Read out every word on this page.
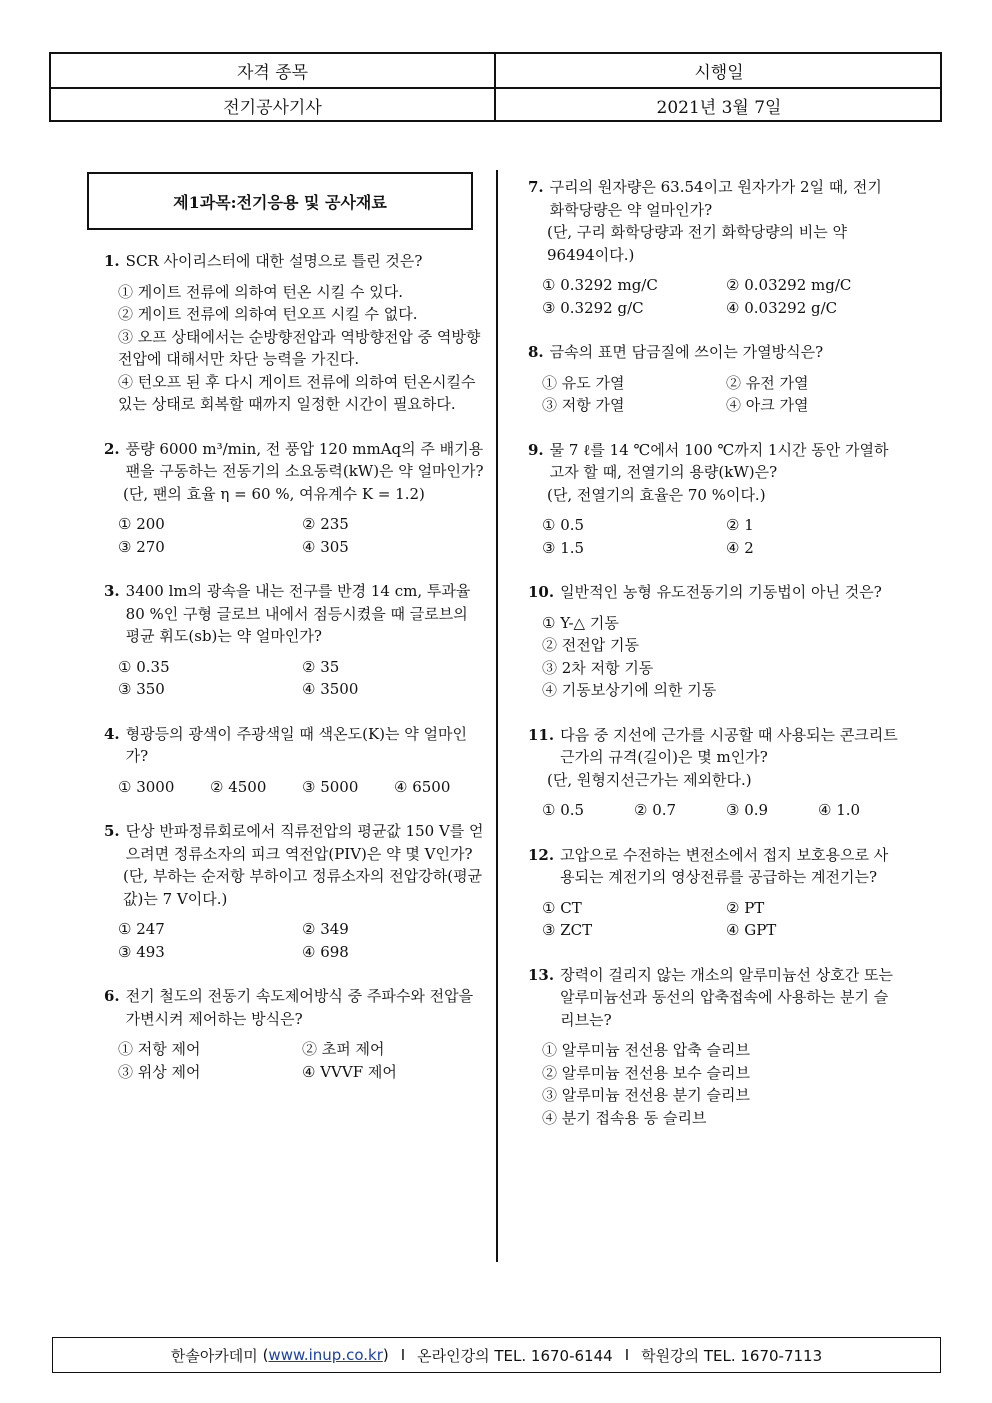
자격 종목	시행일
전기공사기사	2021년 3월 7일
제1과목:전기응용 및 공사재료
1. SCR 사이리스터에 대한 설명으로 틀린 것은?
① 게이트 전류에 의하여 턴온 시킬 수 있다.
② 게이트 전류에 의하여 턴오프 시킬 수 없다.
③ 오프 상태에서는 순방향전압과 역방향전압 중 역방향 전압에 대해서만 차단 능력을 가진다.
④ 턴오프 된 후 다시 게이트 전류에 의하여 턴온시킬수 있는 상태로 회복할 때까지 일정한 시간이 필요하다.
2. 풍량 6000 m³/min, 전 풍압 120 mmAq의 주 배기용 팬을 구동하는 전동기의 소요동력(kW)은 약 얼마인가?
(단, 팬의 효율 η = 60 %, 여유계수 K = 1.2)
① 200	② 235
③ 270	④ 305
3. 3400 lm의 광속을 내는 전구를 반경 14 cm, 투과율 80 %인 구형 글로브 내에서 점등시켰을 때 글로브의 평균 휘도(sb)는 약 얼마인가?
① 0.35	② 35
③ 350	④ 3500
4. 형광등의 광색이 주광색일 때 색온도(K)는 약 얼마인가?
① 3000	② 4500	③ 5000	④ 6500
5. 단상 반파정류회로에서 직류전압의 평균값 150 V를 얻으려면 정류소자의 피크 역전압(PIV)은 약 몇 V인가?
(단, 부하는 순저항 부하이고 정류소자의 전압강하(평균값)는 7 V이다.)
① 247	② 349
③ 493	④ 698
6. 전기 철도의 전동기 속도제어방식 중 주파수와 전압을 가변시켜 제어하는 방식은?
① 저항 제어	② 초퍼 제어
③ 위상 제어	④ VVVF 제어
7. 구리의 원자량은 63.54이고 원자가가 2일 때, 전기 화학당량은 약 얼마인가?
(단, 구리 화학당량과 전기 화학당량의 비는 약 96494이다.)
① 0.3292 mg/C	② 0.03292 mg/C
③ 0.3292 g/C	④ 0.03292 g/C
8. 금속의 표면 담금질에 쓰이는 가열방식은?
① 유도 가열	② 유전 가열
③ 저항 가열	④ 아크 가열
9. 물 7 ℓ를 14 ℃에서 100 ℃까지 1시간 동안 가열하고자 할 때, 전열기의 용량(kW)은?
(단, 전열기의 효율은 70 %이다.)
① 0.5	② 1
③ 1.5	④ 2
10. 일반적인 농형 유도전동기의 기동법이 아닌 것은?
① Y-△ 기동
② 전전압 기동
③ 2차 저항 기동
④ 기동보상기에 의한 기동
11. 다음 중 지선에 근가를 시공할 때 사용되는 콘크리트 근가의 규격(길이)은 몇 m인가?
(단, 원형지선근가는 제외한다.)
① 0.5	② 0.7	③ 0.9	④ 1.0
12. 고압으로 수전하는 변전소에서 접지 보호용으로 사용되는 계전기의 영상전류를 공급하는 계전기는?
① CT	② PT
③ ZCT	④ GPT
13. 장력이 걸리지 않는 개소의 알루미늄선 상호간 또는 알루미늄선과 동선의 압축접속에 사용하는 분기 슬리브는?
① 알루미늄 전선용 압축 슬리브
② 알루미늄 전선용 보수 슬리브
③ 알루미늄 전선용 분기 슬리브
④ 분기 접속용 동 슬리브
한솔아카데미 ( www.inup.co.kr ) I 온라인강의 TEL. 1670-6144 I 학원강의 TEL. 1670-7113
